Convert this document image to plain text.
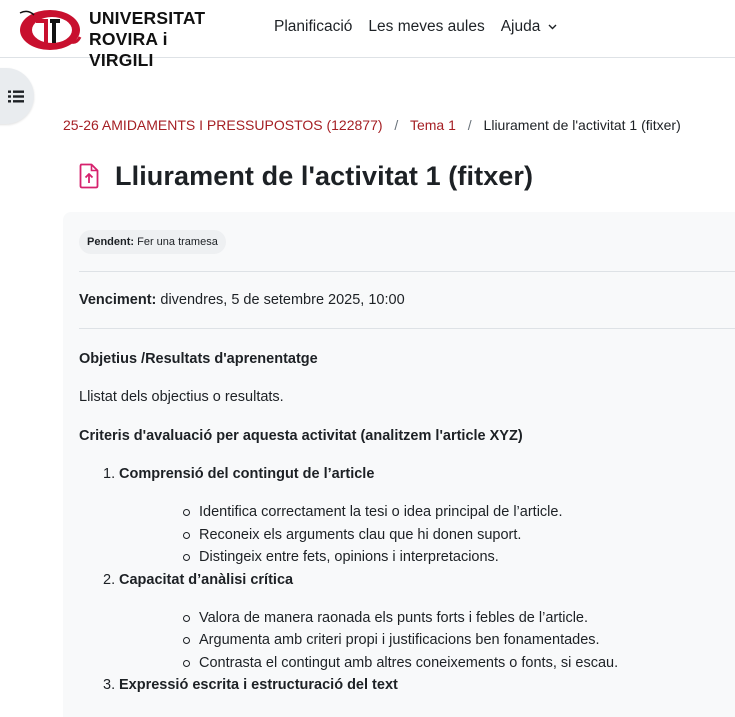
UNIVERSITAT
ROVIRA i VIRGILI
Planificació Les meves aules Ajuda
25-26 AMIDAMENTS I PRESSUPOSTOS (122877) / Tema 1 / Lliurament de l'activitat 1 (fitxer)
Lliurament de l'activitat 1 (fitxer)
Pendent: Fer una tramesa
Venciment: divendres, 5 de setembre 2025, 10:00
Objetius /Resultats d'aprenentatge

Llistat dels objectius o resultats.

Criteris d'avaluació per aquesta activitat (analitzem l'article XYZ)
1. Comprensió del contingut de l’article
Identifica correctament la tesi o idea principal de l’article.
Reconeix els arguments clau que hi donen suport.
Distingeix entre fets, opinions i interpretacions.
2. Capacitat d’anàlisi crítica
Valora de manera raonada els punts forts i febles de l’article.
Argumenta amb criteri propi i justificacions ben fonamentades.
Contrasta el contingut amb altres coneixements o fonts, si escau.
3. Expressió escrita i estructuració del text
